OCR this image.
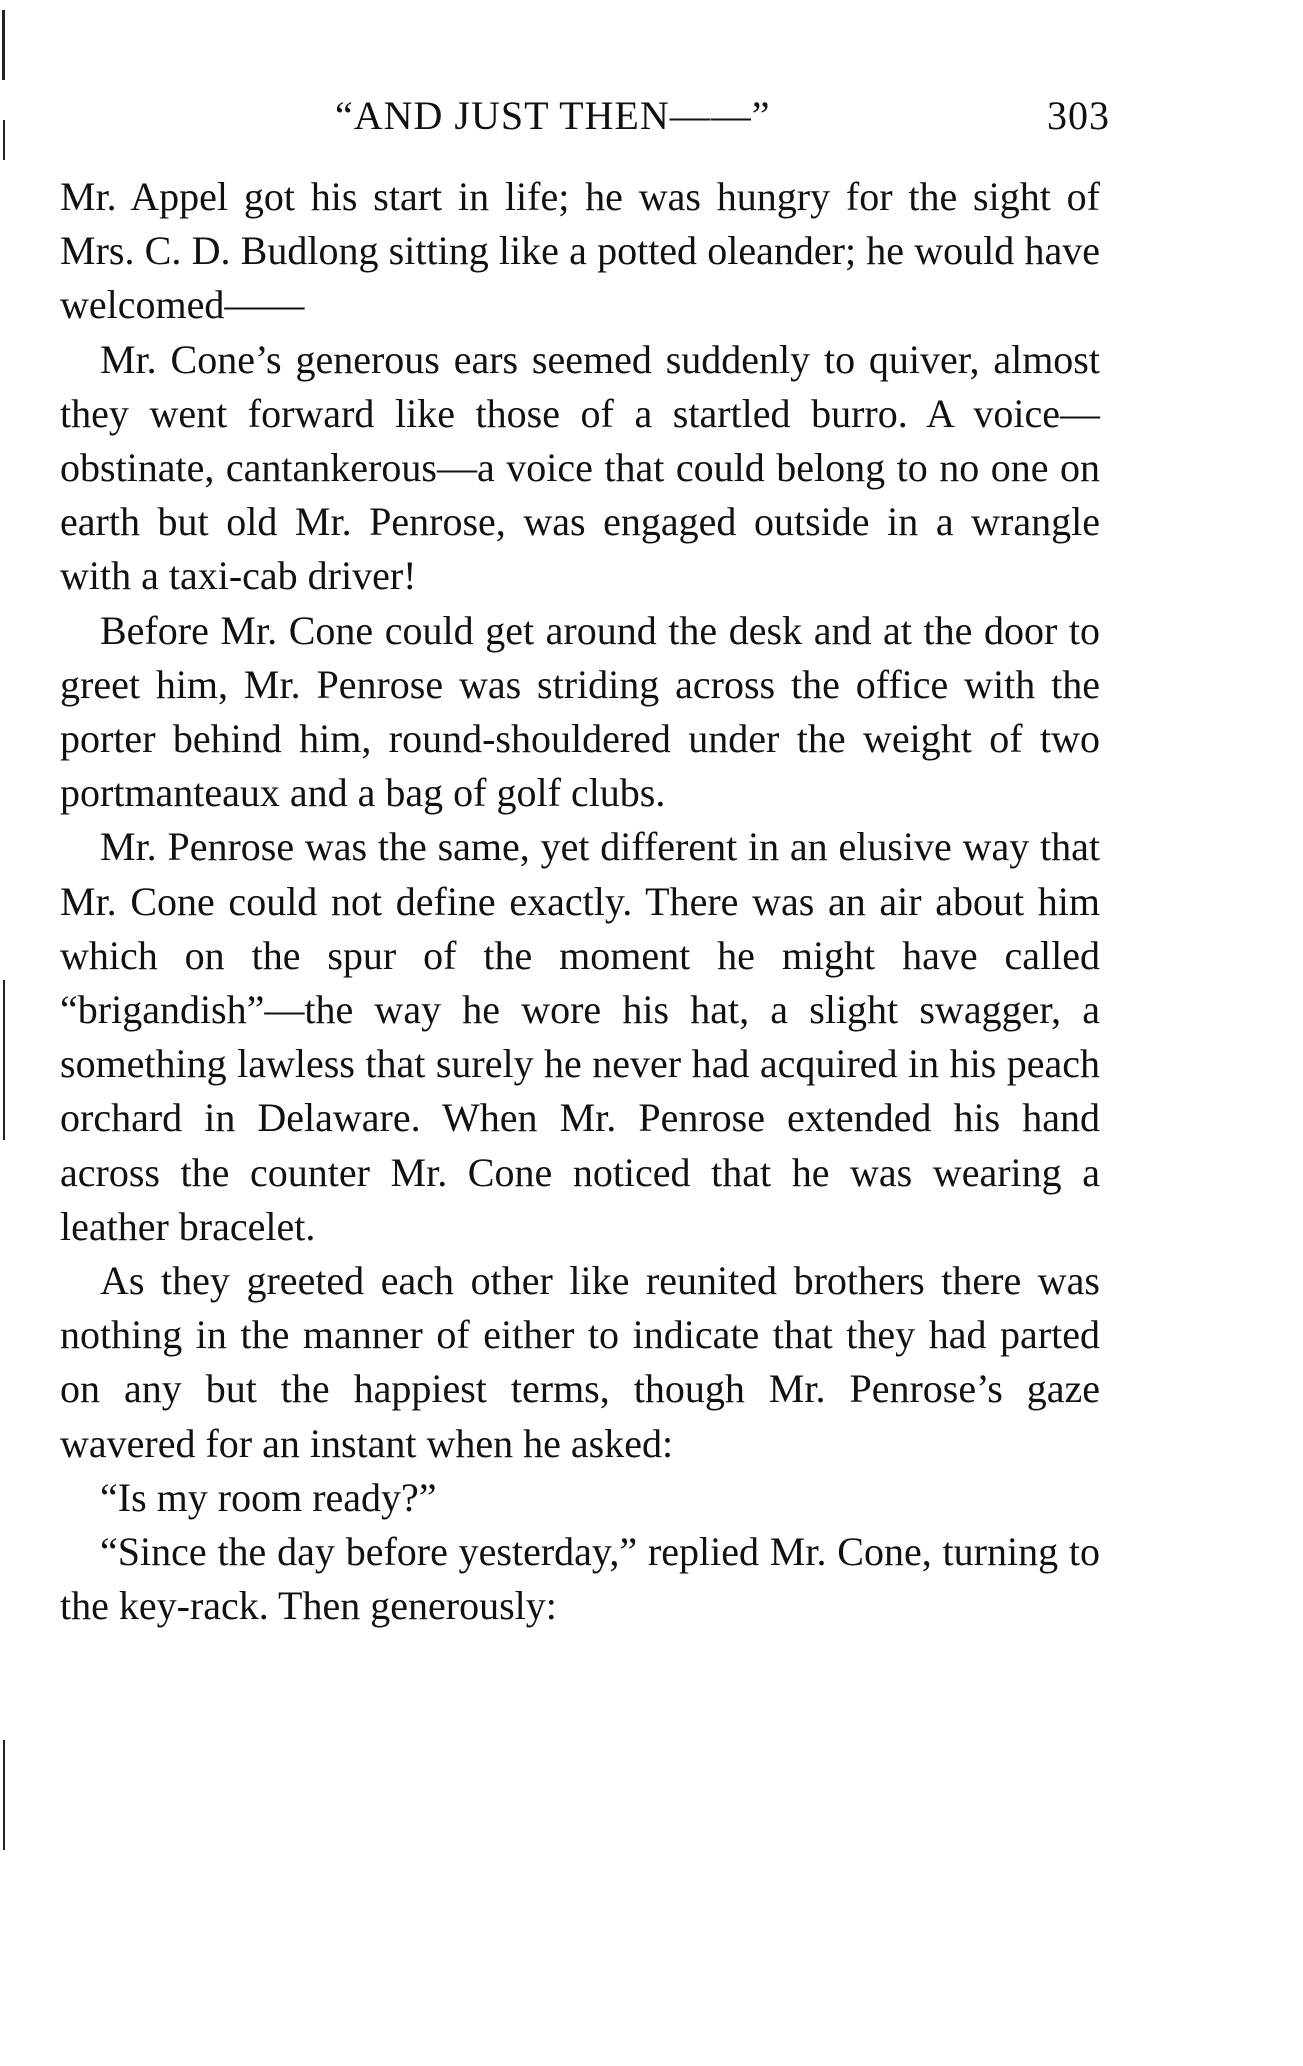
“AND JUST THEN——”	303

Mr. Appel got his start in life; he was hungry for the sight of Mrs. C. D. Budlong sitting like a potted oleander; he would have welcomed——

Mr. Cone’s generous ears seemed suddenly to quiver, almost they went forward like those of a startled burro. A voice—obstinate, cantankerous—a voice that could belong to no one on earth but old Mr. Penrose, was engaged outside in a wrangle with a taxi-cab driver!

Before Mr. Cone could get around the desk and at the door to greet him, Mr. Penrose was striding across the office with the porter behind him, round-shouldered under the weight of two portmanteaux and a bag of golf clubs.

Mr. Penrose was the same, yet different in an elusive way that Mr. Cone could not define exactly. There was an air about him which on the spur of the moment he might have called “brigandish”—the way he wore his hat, a slight swagger, a something lawless that surely he never had acquired in his peach orchard in Delaware. When Mr. Penrose extended his hand across the counter Mr. Cone noticed that he was wearing a leather bracelet.

As they greeted each other like reunited brothers there was nothing in the manner of either to indicate that they had parted on any but the happiest terms, though Mr. Penrose’s gaze wavered for an instant when he asked:

“Is my room ready?”

“Since the day before yesterday,” replied Mr. Cone, turning to the key-rack. Then generously:
